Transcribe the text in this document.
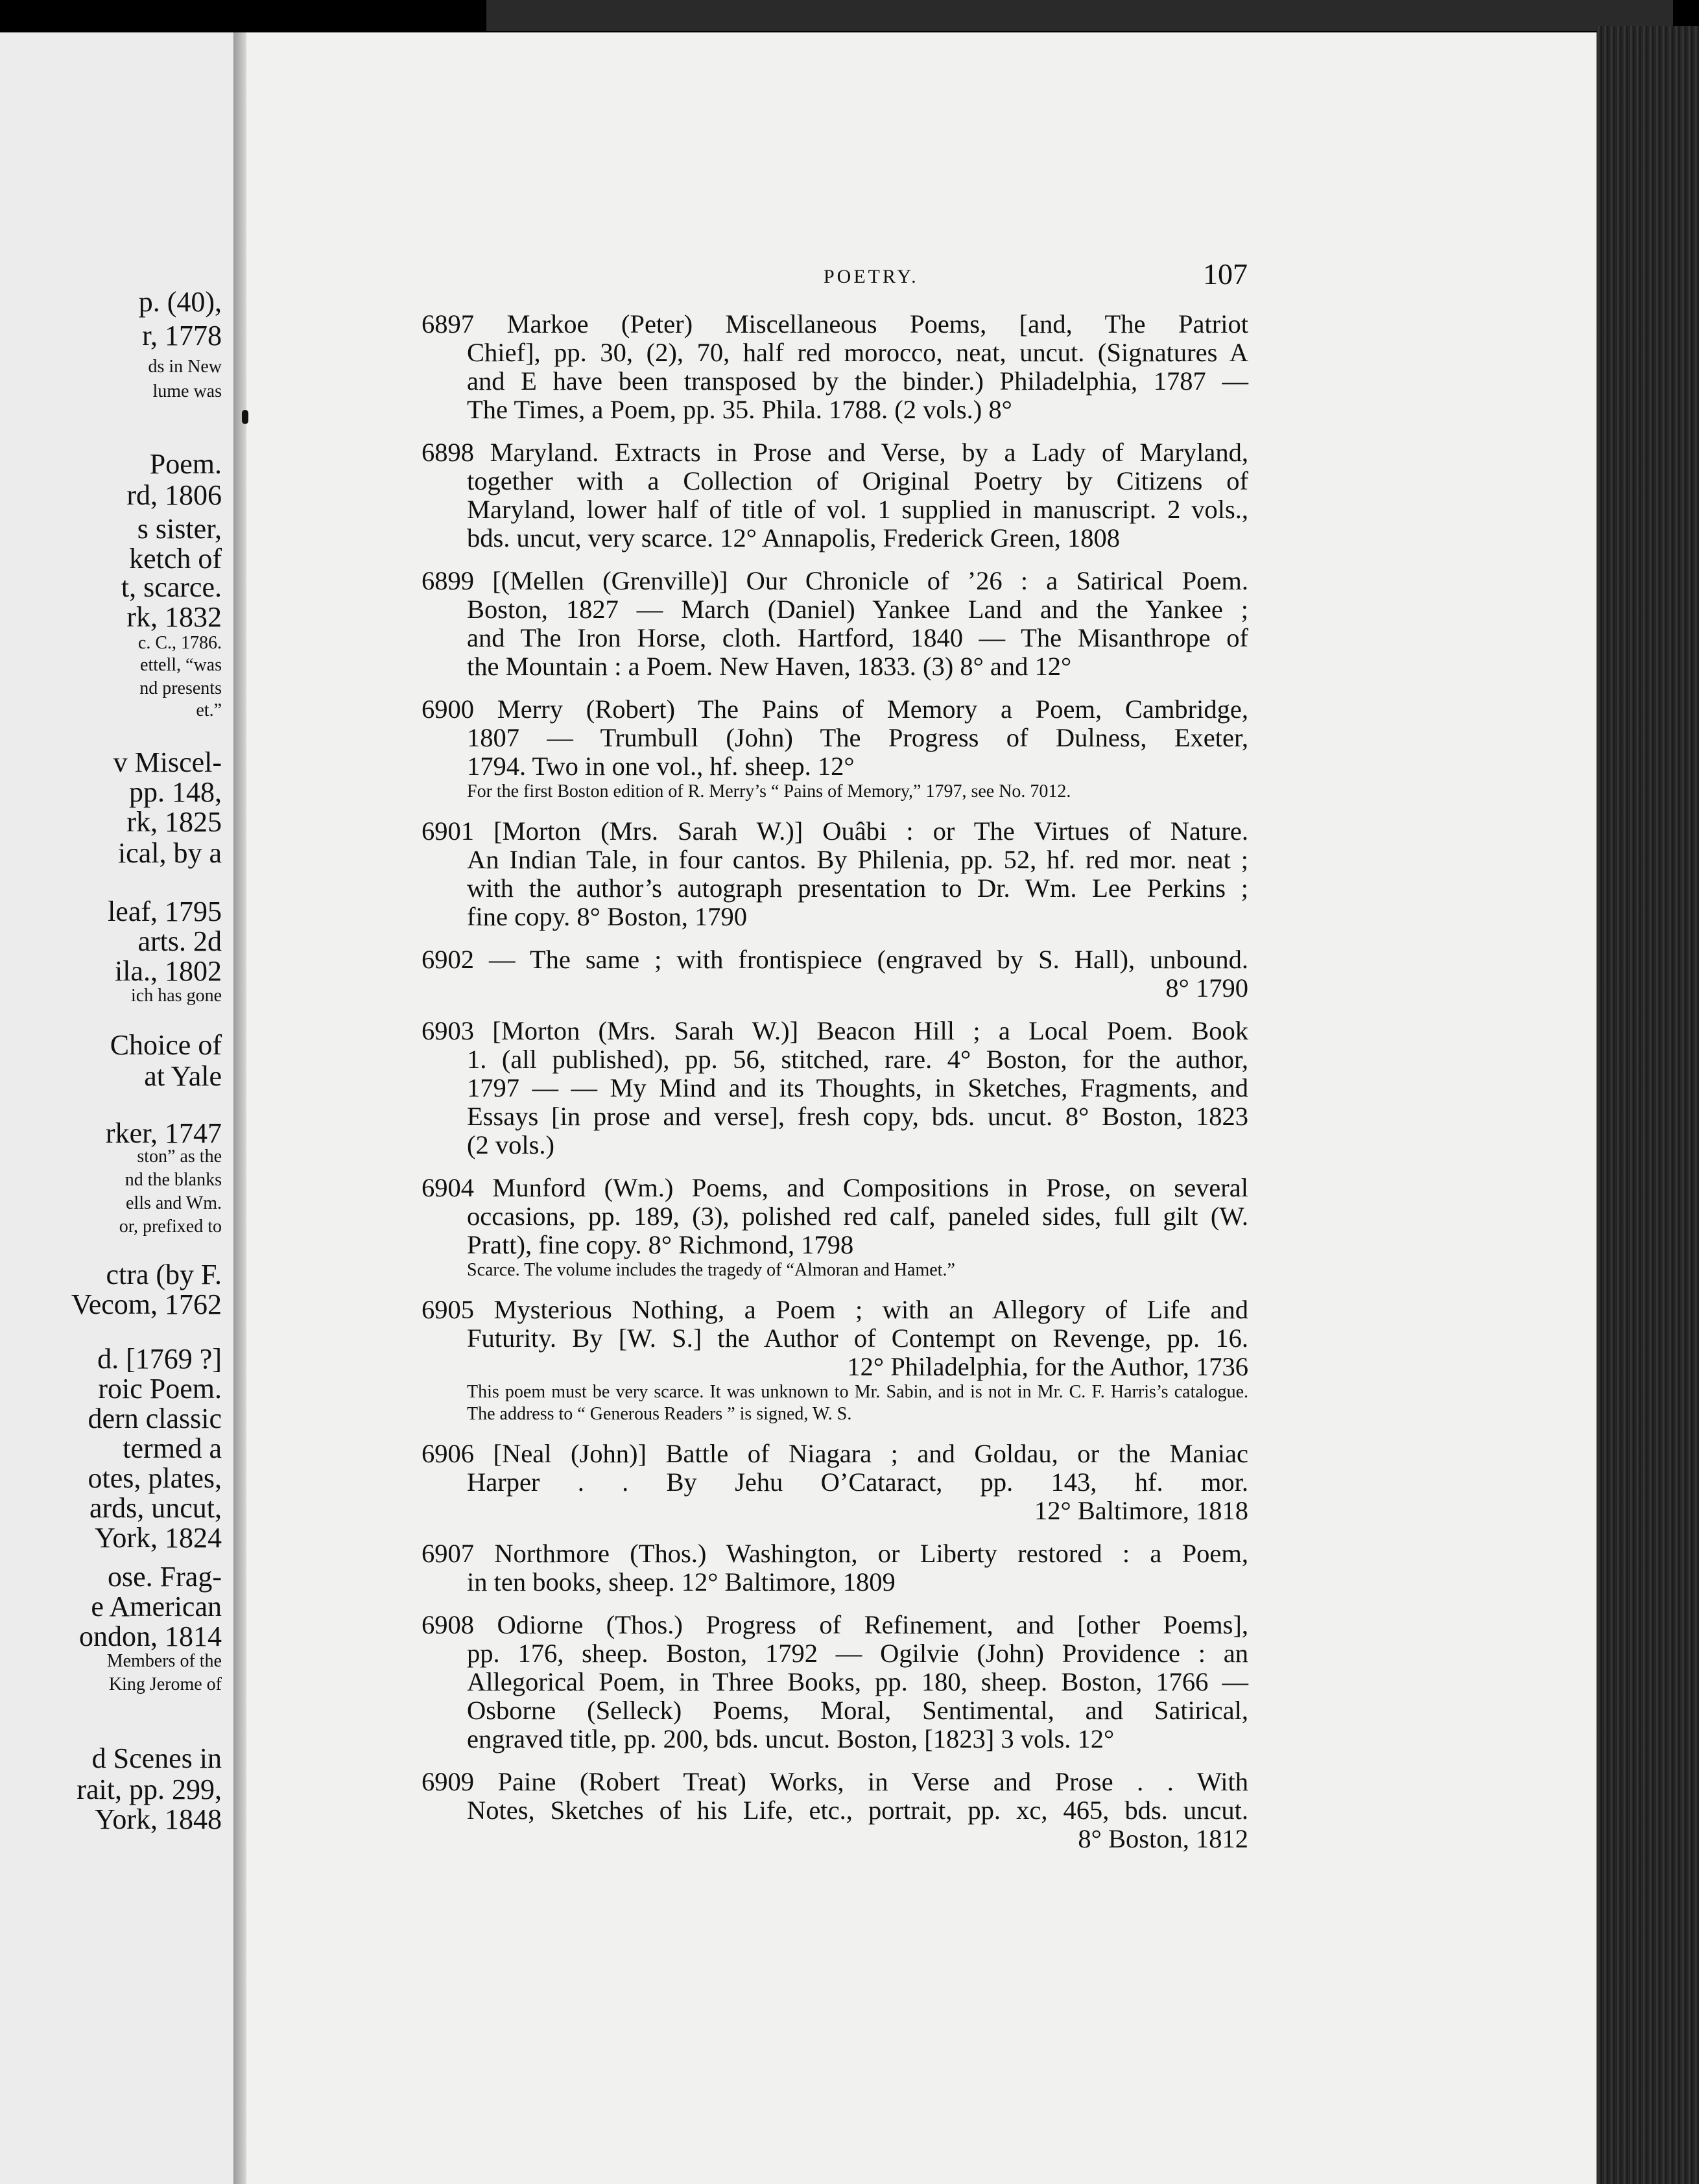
p. (40),
r, 1778
ds in New
lume was
Poem.
rd, 1806
s sister,
ketch of
t, scarce.
rk, 1832
c. C., 1786.
ettell, “was
nd presents
et.”
v Miscel-
pp. 148,
rk, 1825
ical, by a
leaf, 1795
arts. 2d
ila., 1802
ich has gone
Choice of
at Yale
rker, 1747
ston” as the
nd the blanks
ells and Wm.
or, prefixed to
ctra (by F.
Vecom, 1762
d. [1769 ?]
roic Poem.
dern classic
termed a
otes, plates,
ards, uncut,
York, 1824
ose. Frag-
e American
ondon, 1814
Members of the
King Jerome of
d Scenes in
rait, pp. 299,
York, 1848
POETRY.	107

6897 Markoe (Peter) Miscellaneous Poems, [and, The Patriot

Chief], pp. 30, (2), 70, half red morocco, neat, uncut. (Signatures A

and E have been transposed by the binder.) Philadelphia, 1787 —

The Times, a Poem, pp. 35. Phila. 1788. (2 vols.) 8°

6898 Maryland. Extracts in Prose and Verse, by a Lady of Maryland,

together with a Collection of Original Poetry by Citizens of

Maryland, lower half of title of vol. 1 supplied in manuscript. 2 vols.,

bds. uncut, very scarce. 12° Annapolis, Frederick Green, 1808

6899 [(Mellen (Grenville)] Our Chronicle of ’26 : a Satirical Poem.

Boston, 1827 — March (Daniel) Yankee Land and the Yankee ;

and The Iron Horse, cloth. Hartford, 1840 — The Misanthrope of

the Mountain : a Poem. New Haven, 1833. (3) 8° and 12°

6900 Merry (Robert) The Pains of Memory a Poem, Cambridge,

1807 — Trumbull (John) The Progress of Dulness, Exeter,

1794. Two in one vol., hf. sheep. 12°

For the first Boston edition of R. Merry’s “ Pains of Memory,” 1797, see No. 7012.

6901 [Morton (Mrs. Sarah W.)] Ouâbi : or The Virtues of Nature.

An Indian Tale, in four cantos. By Philenia, pp. 52, hf. red mor. neat ;

with the author’s autograph presentation to Dr. Wm. Lee Perkins ;

fine copy. 8° Boston, 1790

6902 — The same ; with frontispiece (engraved by S. Hall), unbound.

8° 1790

6903 [Morton (Mrs. Sarah W.)] Beacon Hill ; a Local Poem. Book

1. (all published), pp. 56, stitched, rare. 4° Boston, for the author,

1797 — — My Mind and its Thoughts, in Sketches, Fragments, and

Essays [in prose and verse], fresh copy, bds. uncut. 8° Boston, 1823

(2 vols.)

6904 Munford (Wm.) Poems, and Compositions in Prose, on several

occasions, pp. 189, (3), polished red calf, paneled sides, full gilt (W.

Pratt), fine copy. 8° Richmond, 1798

Scarce. The volume includes the tragedy of “Almoran and Hamet.”

6905 Mysterious Nothing, a Poem ; with an Allegory of Life and

Futurity. By [W. S.] the Author of Contempt on Revenge, pp. 16.

12° Philadelphia, for the Author, 1736

This poem must be very scarce. It was unknown to Mr. Sabin, and is not in Mr. C. F. Harris’s catalogue. The address to “ Generous Readers ” is signed, W. S.

6906 [Neal (John)] Battle of Niagara ; and Goldau, or the Maniac

Harper . . By Jehu O’Cataract, pp. 143, hf. mor.

12° Baltimore, 1818

6907 Northmore (Thos.) Washington, or Liberty restored : a Poem,

in ten books, sheep. 12° Baltimore, 1809

6908 Odiorne (Thos.) Progress of Refinement, and [other Poems],

pp. 176, sheep. Boston, 1792 — Ogilvie (John) Providence : an

Allegorical Poem, in Three Books, pp. 180, sheep. Boston, 1766 —

Osborne (Selleck) Poems, Moral, Sentimental, and Satirical,

engraved title, pp. 200, bds. uncut. Boston, [1823] 3 vols. 12°

6909 Paine (Robert Treat) Works, in Verse and Prose . . With

Notes, Sketches of his Life, etc., portrait, pp. xc, 465, bds. uncut.

8° Boston, 1812
